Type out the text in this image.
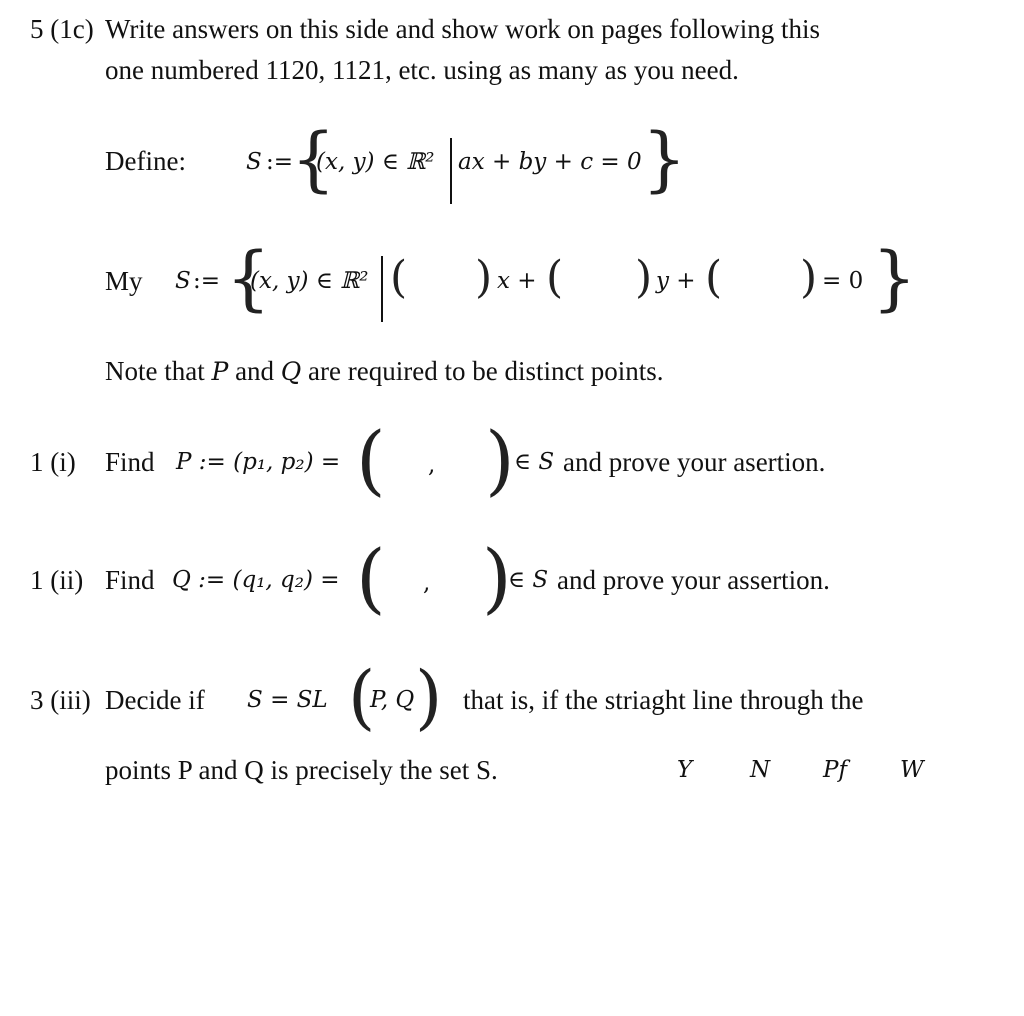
5 (1c) Write answers on this side and show work on pages following this
one numbered 1120, 1121, etc. using as many as you need.
Define:	S :=
{
(x, y) ∈ ℝ² ax + by + c = 0 }
My S := {
(x, y) ∈ ℝ² ( ) x + ( ) y + ( ) = 0 }
Note that P and Q are required to be distinct points.
1 (i) Find P := (p₁, p₂) = ( , ) ∈ S and prove your asertion.
1 (ii) Find Q := (q₁, q₂) = ( , )
∈ S and prove your assertion.
3 (iii) Decide if S = SL (
P, Q ) that is, if the striaght line through the
points P and Q is precisely the set S.	Y	N Pf W
